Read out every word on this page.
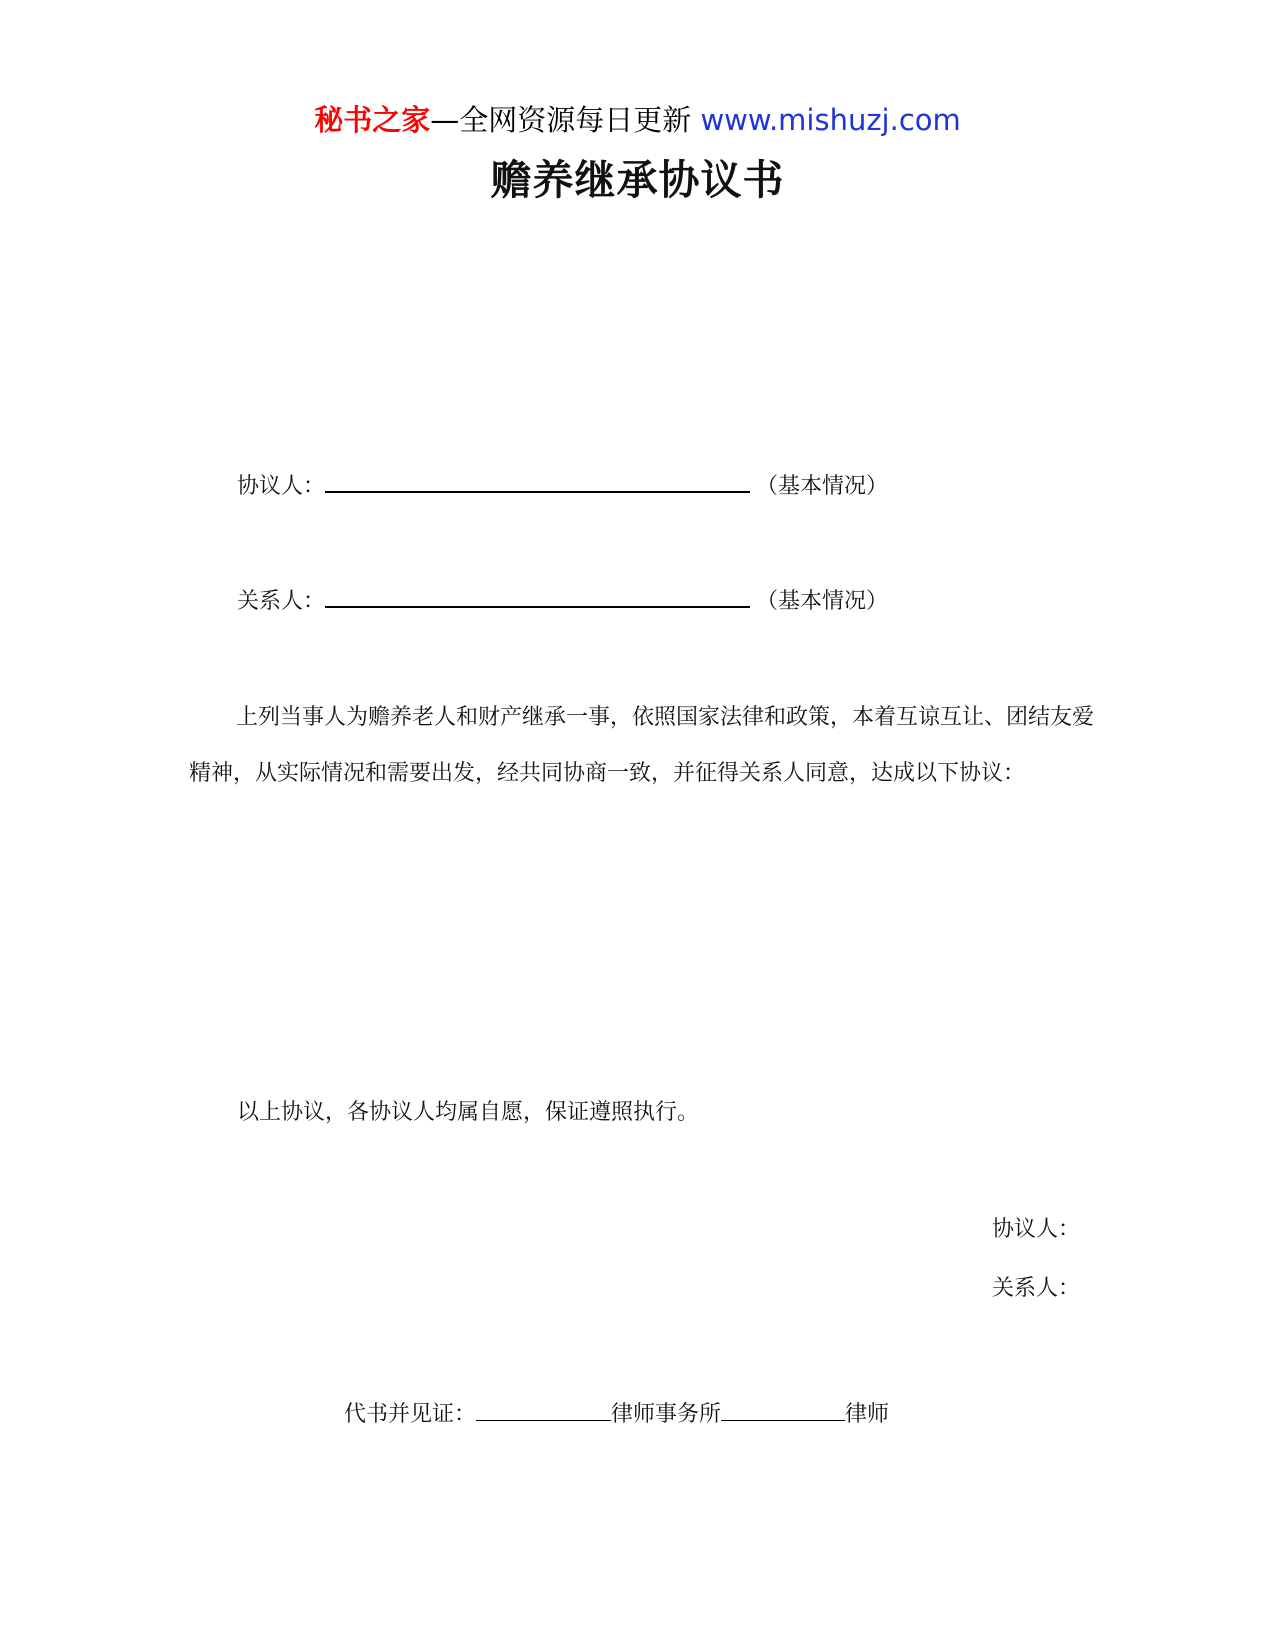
秘书之家—全网资源每日更新 www.mishuzj.com
赡养继承协议书
协议人：	（基本情况）
关系人：	（基本情况）
上列当事人为赡养老人和财产继承一事，依照国家法律和政策，本着互谅互让、团结友爱精神，从实际情况和需要出发，经共同协商一致，并征得关系人同意，达成以下协议：
以上协议，各协议人均属自愿，保证遵照执行。
协议人：
关系人：
代书并见证：	律师事务所	律师
